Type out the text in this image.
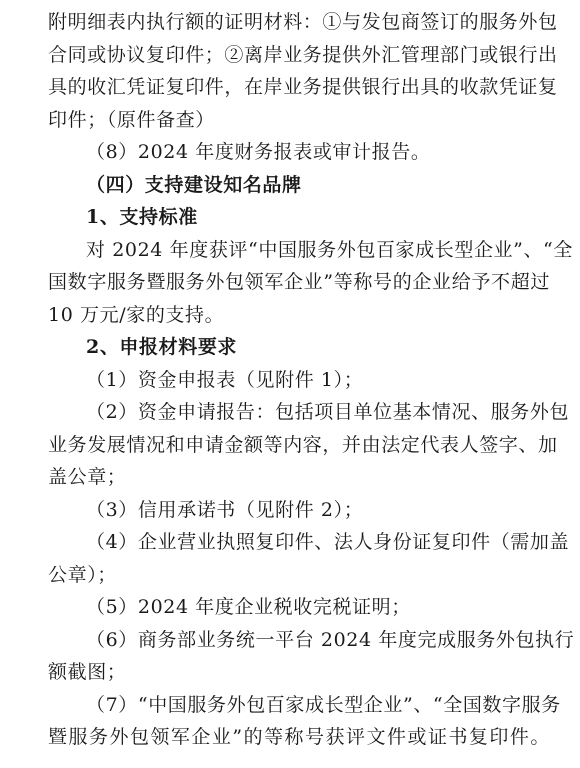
附明细表内执行额的证明材料：①与发包商签订的服务外包
合同或协议复印件；②离岸业务提供外汇管理部门或银行出
具的收汇凭证复印件，在岸业务提供银行出具的收款凭证复
印件；（原件备查）
（8）2024 年度财务报表或审计报告。
（四）支持建设知名品牌
1、支持标准
对 2024 年度获评“中国服务外包百家成长型企业”、“全
国数字服务暨服务外包领军企业”等称号的企业给予不超过
10 万元/家的支持。
2、申报材料要求
（1）资金申报表（见附件 1）；
（2）资金申请报告：包括项目单位基本情况、服务外包
业务发展情况和申请金额等内容，并由法定代表人签字、加
盖公章；
（3）信用承诺书（见附件 2）；
（4）企业营业执照复印件、法人身份证复印件（需加盖
公章）；
（5）2024 年度企业税收完税证明；
（6）商务部业务统一平台 2024 年度完成服务外包执行
额截图；
（7）“中国服务外包百家成长型企业”、“全国数字服务
暨服务外包领军企业”的等称号获评文件或证书复印件。
